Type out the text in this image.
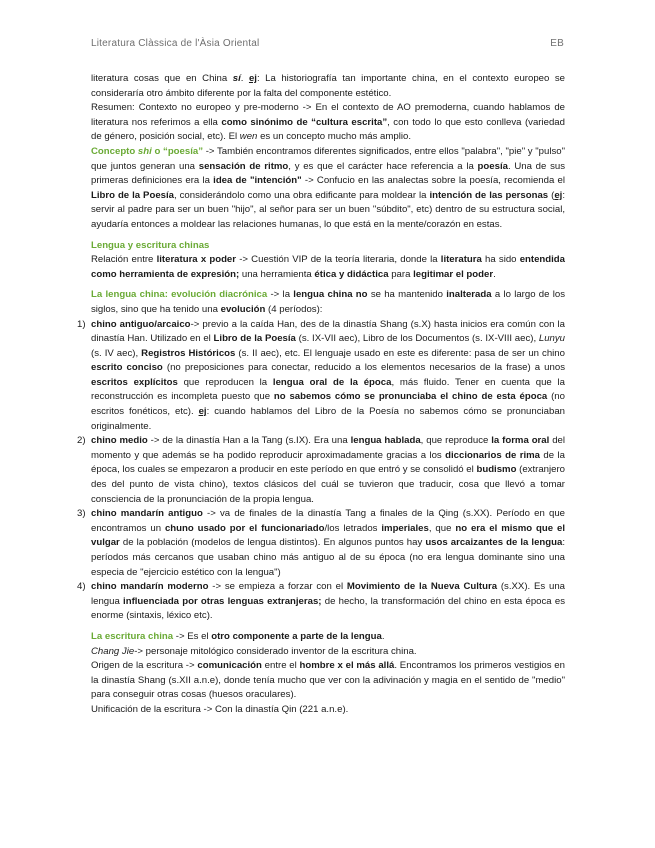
Literatura Clàssica de l'Àsia Oriental	EB

literatura cosas que en China sí. ej: La historiografía tan importante china, en el contexto europeo se consideraría otro ámbito diferente por la falta del componente estético.

Resumen: Contexto no europeo y pre-moderno -> En el contexto de AO premoderna, cuando hablamos de literatura nos referimos a ella como sinónimo de “cultura escrita”, con todo lo que esto conlleva (variedad de género, posición social, etc). El wen es un concepto mucho más amplio.

Concepto shi o “poesía” -> También encontramos diferentes significados, entre ellos "palabra", "pie" y "pulso" que juntos generan una sensación de ritmo, y es que el carácter hace referencia a la poesía. Una de sus primeras definiciones era la idea de "intención" -> Confucio en las analectas sobre la poesía, recomienda el Libro de la Poesía, considerándolo como una obra edificante para moldear la intención de las personas (ej: servir al padre para ser un buen "hijo", al señor para ser un buen "súbdito", etc) dentro de su estructura social, ayudaría entonces a moldear las relaciones humanas, lo que está en la mente/corazón en estas.

Lengua y escritura chinas

Relación entre literatura x poder -> Cuestión VIP de la teoría literaria, donde la literatura ha sido entendida como herramienta de expresión; una herramienta ética y didáctica para legitimar el poder.

La lengua china: evolución diacrónica -> la lengua china no se ha mantenido inalterada a lo largo de los siglos, sino que ha tenido una evolución (4 períodos):

1) chino antiguo/arcaico-> previo a la caída Han, des de la dinastía Shang (s.X) hasta inicios era común con la dinastía Han. Utilizado en el Libro de la Poesía (s. IX-VII aec), Libro de los Documentos (s. IX-VIII aec), Lunyu (s. IV aec), Registros Históricos (s. II aec), etc. El lenguaje usado en este es diferente: pasa de ser un chino escrito conciso (no preposiciones para conectar, reducido a los elementos necesarios de la frase) a unos escritos explícitos que reproducen la lengua oral de la época, más fluido. Tener en cuenta que la reconstrucción es incompleta puesto que no sabemos cómo se pronunciaba el chino de esta época (no escritos fonéticos, etc). ej: cuando hablamos del Libro de la Poesía no sabemos cómo se pronunciaban originalmente.

2) chino medio -> de la dinastía Han a la Tang (s.IX). Era una lengua hablada, que reproduce la forma oral del momento y que además se ha podido reproducir aproximadamente gracias a los diccionarios de rima de la época, los cuales se empezaron a producir en este período en que entró y se consolidó el budismo (extranjero des del punto de vista chino), textos clásicos del cuál se tuvieron que traducir, cosa que llevó a tomar consciencia de la pronunciación de la propia lengua.

3) chino mandarín antiguo -> va de finales de la dinastía Tang a finales de la Qing (s.XX). Período en que encontramos un chuno usado por el funcionariado/los letrados imperiales, que no era el mismo que el vulgar de la población (modelos de lengua distintos). En algunos puntos hay usos arcaizantes de la lengua: períodos más cercanos que usaban chino más antiguo al de su época (no era lengua dominante sino una especia de "ejercicio estético con la lengua")

4) chino mandarín moderno -> se empieza a forzar con el Movimiento de la Nueva Cultura (s.XX). Es una lengua influenciada por otras lenguas extranjeras; de hecho, la transformación del chino en esta época es enorme (sintaxis, léxico etc).

La escritura china -> Es el otro componente a parte de la lengua.

Chang Jie-> personaje mitológico considerado inventor de la escritura china.

Origen de la escritura -> comunicación entre el hombre x el más allá. Encontramos los primeros vestigios en la dinastía Shang (s.XII a.n.e), donde tenía mucho que ver con la adivinación y magia en el sentido de "medio" para conseguir otras cosas (huesos oraculares).

Unificación de la escritura -> Con la dinastía Qin (221 a.n.e).
